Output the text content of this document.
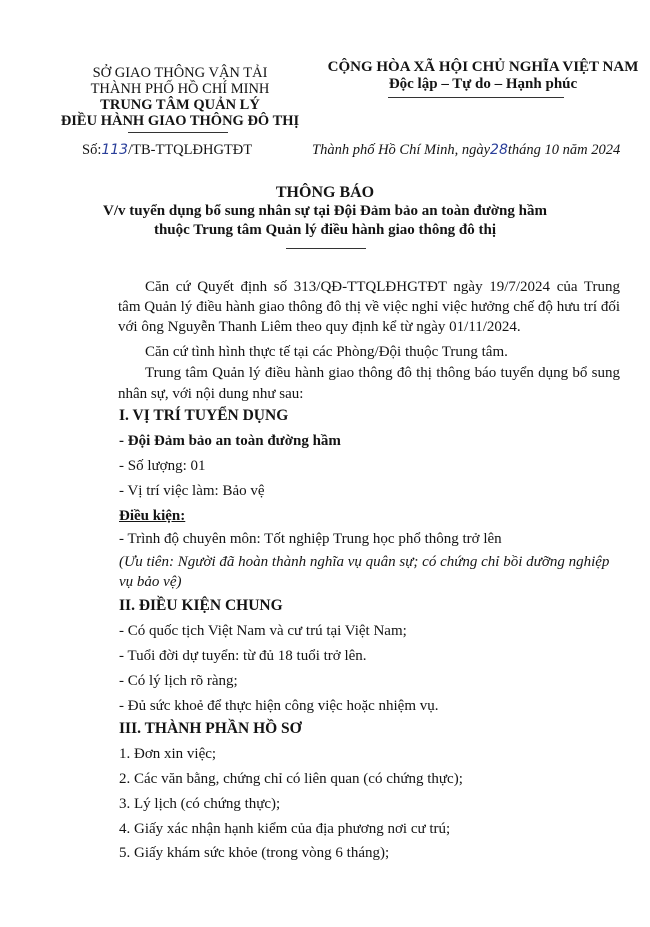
SỞ GIAO THÔNG VẬN TẢI
THÀNH PHỐ HỒ CHÍ MINH
TRUNG TÂM QUẢN LÝ
ĐIỀU HÀNH GIAO THÔNG ĐÔ THỊ
Số:113/TB-TTQLĐHGTĐT
CỘNG HÒA XÃ HỘI CHỦ NGHĨA VIỆT NAM
Độc lập – Tự do – Hạnh phúc
Thành phố Hồ Chí Minh, ngày28tháng 10 năm 2024
THÔNG BÁO
V/v tuyển dụng bổ sung nhân sự tại Đội Đảm bảo an toàn đường hầm
thuộc Trung tâm Quản lý điều hành giao thông đô thị
Căn cứ Quyết định số 313/QĐ-TTQLĐHGTĐT ngày 19/7/2024 của Trung tâm Quản lý điều hành giao thông đô thị về việc nghỉ việc hưởng chế độ hưu trí đối với ông Nguyễn Thanh Liêm theo quy định kể từ ngày 01/11/2024.
Căn cứ tình hình thực tế tại các Phòng/Đội thuộc Trung tâm.
Trung tâm Quản lý điều hành giao thông đô thị thông báo tuyển dụng bổ sung nhân sự, với nội dung như sau:
I. VỊ TRÍ TUYỂN DỤNG
- Đội Đảm bảo an toàn đường hầm
- Số lượng: 01
- Vị trí việc làm: Bảo vệ
Điều kiện:
- Trình độ chuyên môn: Tốt nghiệp Trung học phổ thông trở lên
(Ưu tiên: Người đã hoàn thành nghĩa vụ quân sự; có chứng chỉ bồi dưỡng nghiệp vụ bảo vệ)
II. ĐIỀU KIỆN CHUNG
- Có quốc tịch Việt Nam và cư trú tại Việt Nam;
- Tuổi đời dự tuyển: từ đủ 18 tuổi trở lên.
- Có lý lịch rõ ràng;
- Đủ sức khoẻ để thực hiện công việc hoặc nhiệm vụ.
III. THÀNH PHẦN HỒ SƠ
1. Đơn xin việc;
2. Các văn bằng, chứng chỉ có liên quan (có chứng thực);
3. Lý lịch (có chứng thực);
4. Giấy xác nhận hạnh kiểm của địa phương nơi cư trú;
5. Giấy khám sức khỏe (trong vòng 6 tháng);
